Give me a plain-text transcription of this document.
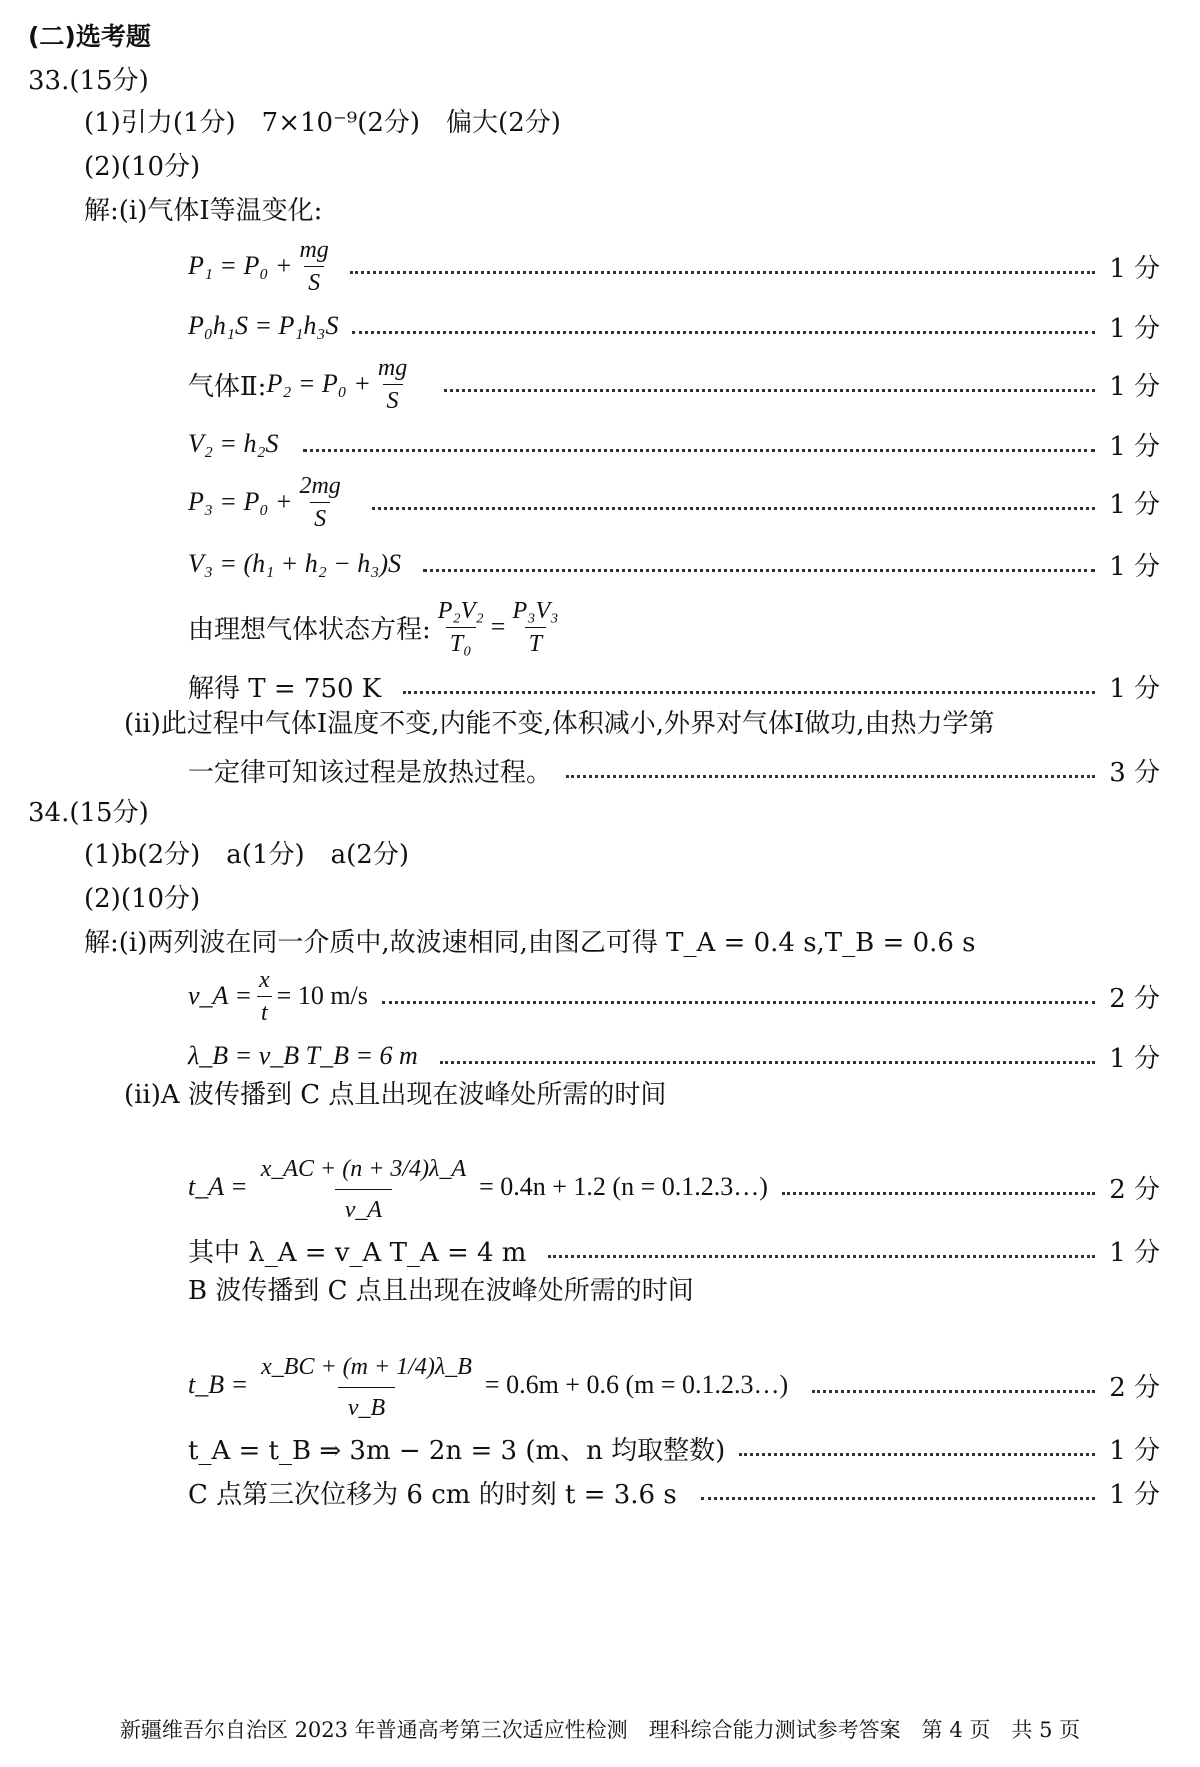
(二)选考题
33.(15分)
(1)引力(1分)　7×10⁻⁹(2分)　偏大(2分)
(2)(10分)
解:(ⅰ)气体Ⅰ等温变化:
$P_1 = P_0 + \frac{mg}{S}$	1 分
P₀h₁S = P₁h₃S	1 分
气体Ⅱ: $P_2 = P_0 + \frac{mg}{S}$	1 分
V₂ = h₂S	1 分
$P_3 = P_0 + \frac{2mg}{S}$	1 分
V₃ = (h₁ + h₂ − h₃)S	1 分
由理想气体状态方程: $\frac{\text{P₂V₂}}{\text{T₀}} = \frac{\text{P₃V₃}}{T}$
解得 T = 750 K	1 分
(ⅱ)此过程中气体Ⅰ温度不变,内能不变,体积减小,外界对气体Ⅰ做功,由热力学第
一定律可知该过程是放热过程。	3 分
34.(15分)
(1)b(2分)　a(1分)　a(2分)
(2)(10分)
解:(ⅰ)两列波在同一介质中,故波速相同,由图乙可得 T_A = 0.4 s,T_B = 0.6 s
v_A = $\frac{x}{t} = 10$ m/s	2 分
λ_B = v_B T_B = 6 m	1 分
(ⅱ)A 波传播到 C 点且出现在波峰处所需的时间
t_A = $\frac{x\_AC + (n + 3/4)\lambda\_A}{v\_A} = 0.4n + 1.2$ (n = 0.1.2.3…)	2 分
其中 λ_A = v_A T_A = 4 m	1 分
B 波传播到 C 点且出现在波峰处所需的时间
t_B = $\frac{x\_BC + (m + 1/4)\lambda\_B}{v\_B} = 0.6m + 0.6$ (m = 0.1.2.3…)	2 分
t_A = t_B ⇒ 3m − 2n = 3 (m、n 均取整数)	1 分
C 点第三次位移为 6 cm 的时刻 t = 3.6 s	1 分
新疆维吾尔自治区 2023 年普通高考第三次适应性检测　理科综合能力测试参考答案　第 4 页　共 5 页
